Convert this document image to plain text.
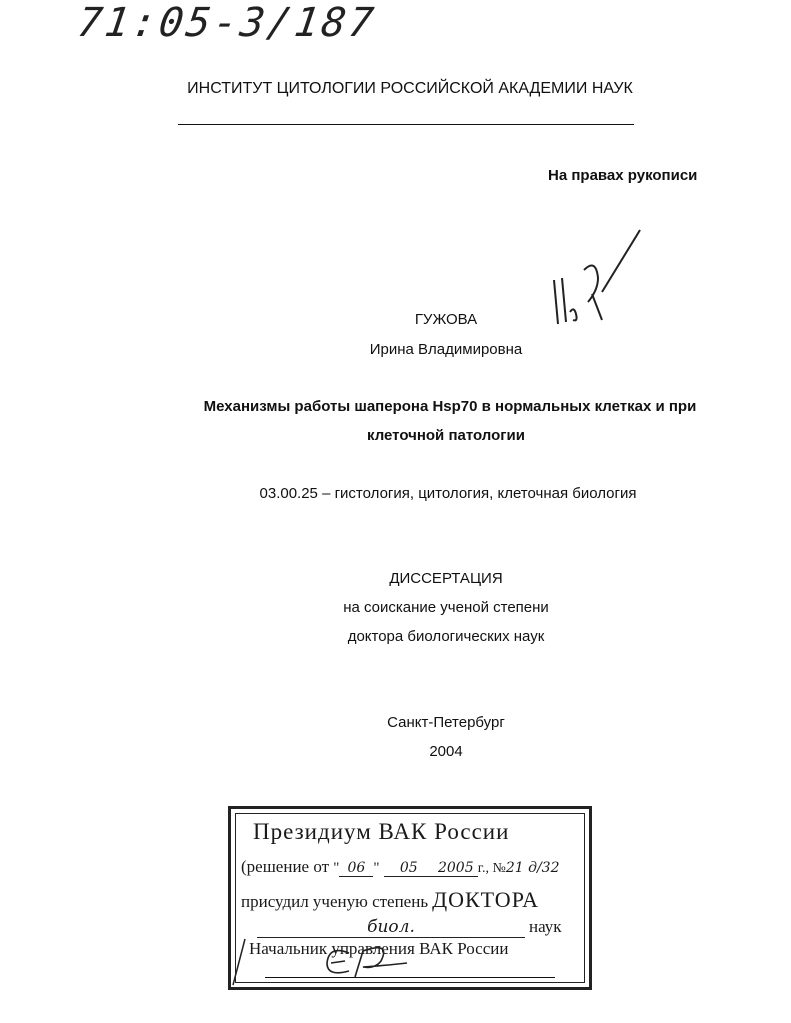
71:05-3/187
ИНСТИТУТ ЦИТОЛОГИИ РОССИЙСКОЙ АКАДЕМИИ НАУК
На правах рукописи
ГУЖОВА
Ирина Владимировна
Механизмы работы шаперона Hsp70 в нормальных клетках и при
клеточной патологии
03.00.25 – гистология, цитология, клеточная биология
ДИССЕРТАЦИЯ
на соискание ученой степени
доктора биологических наук
Санкт-Петербург
2004
Президиум ВАК России
(решение от " 06 " 05 2005 г., №21 д/32
присудил ученую степень ДОКТОРА
биол.	наук
Начальник управления ВАК России
